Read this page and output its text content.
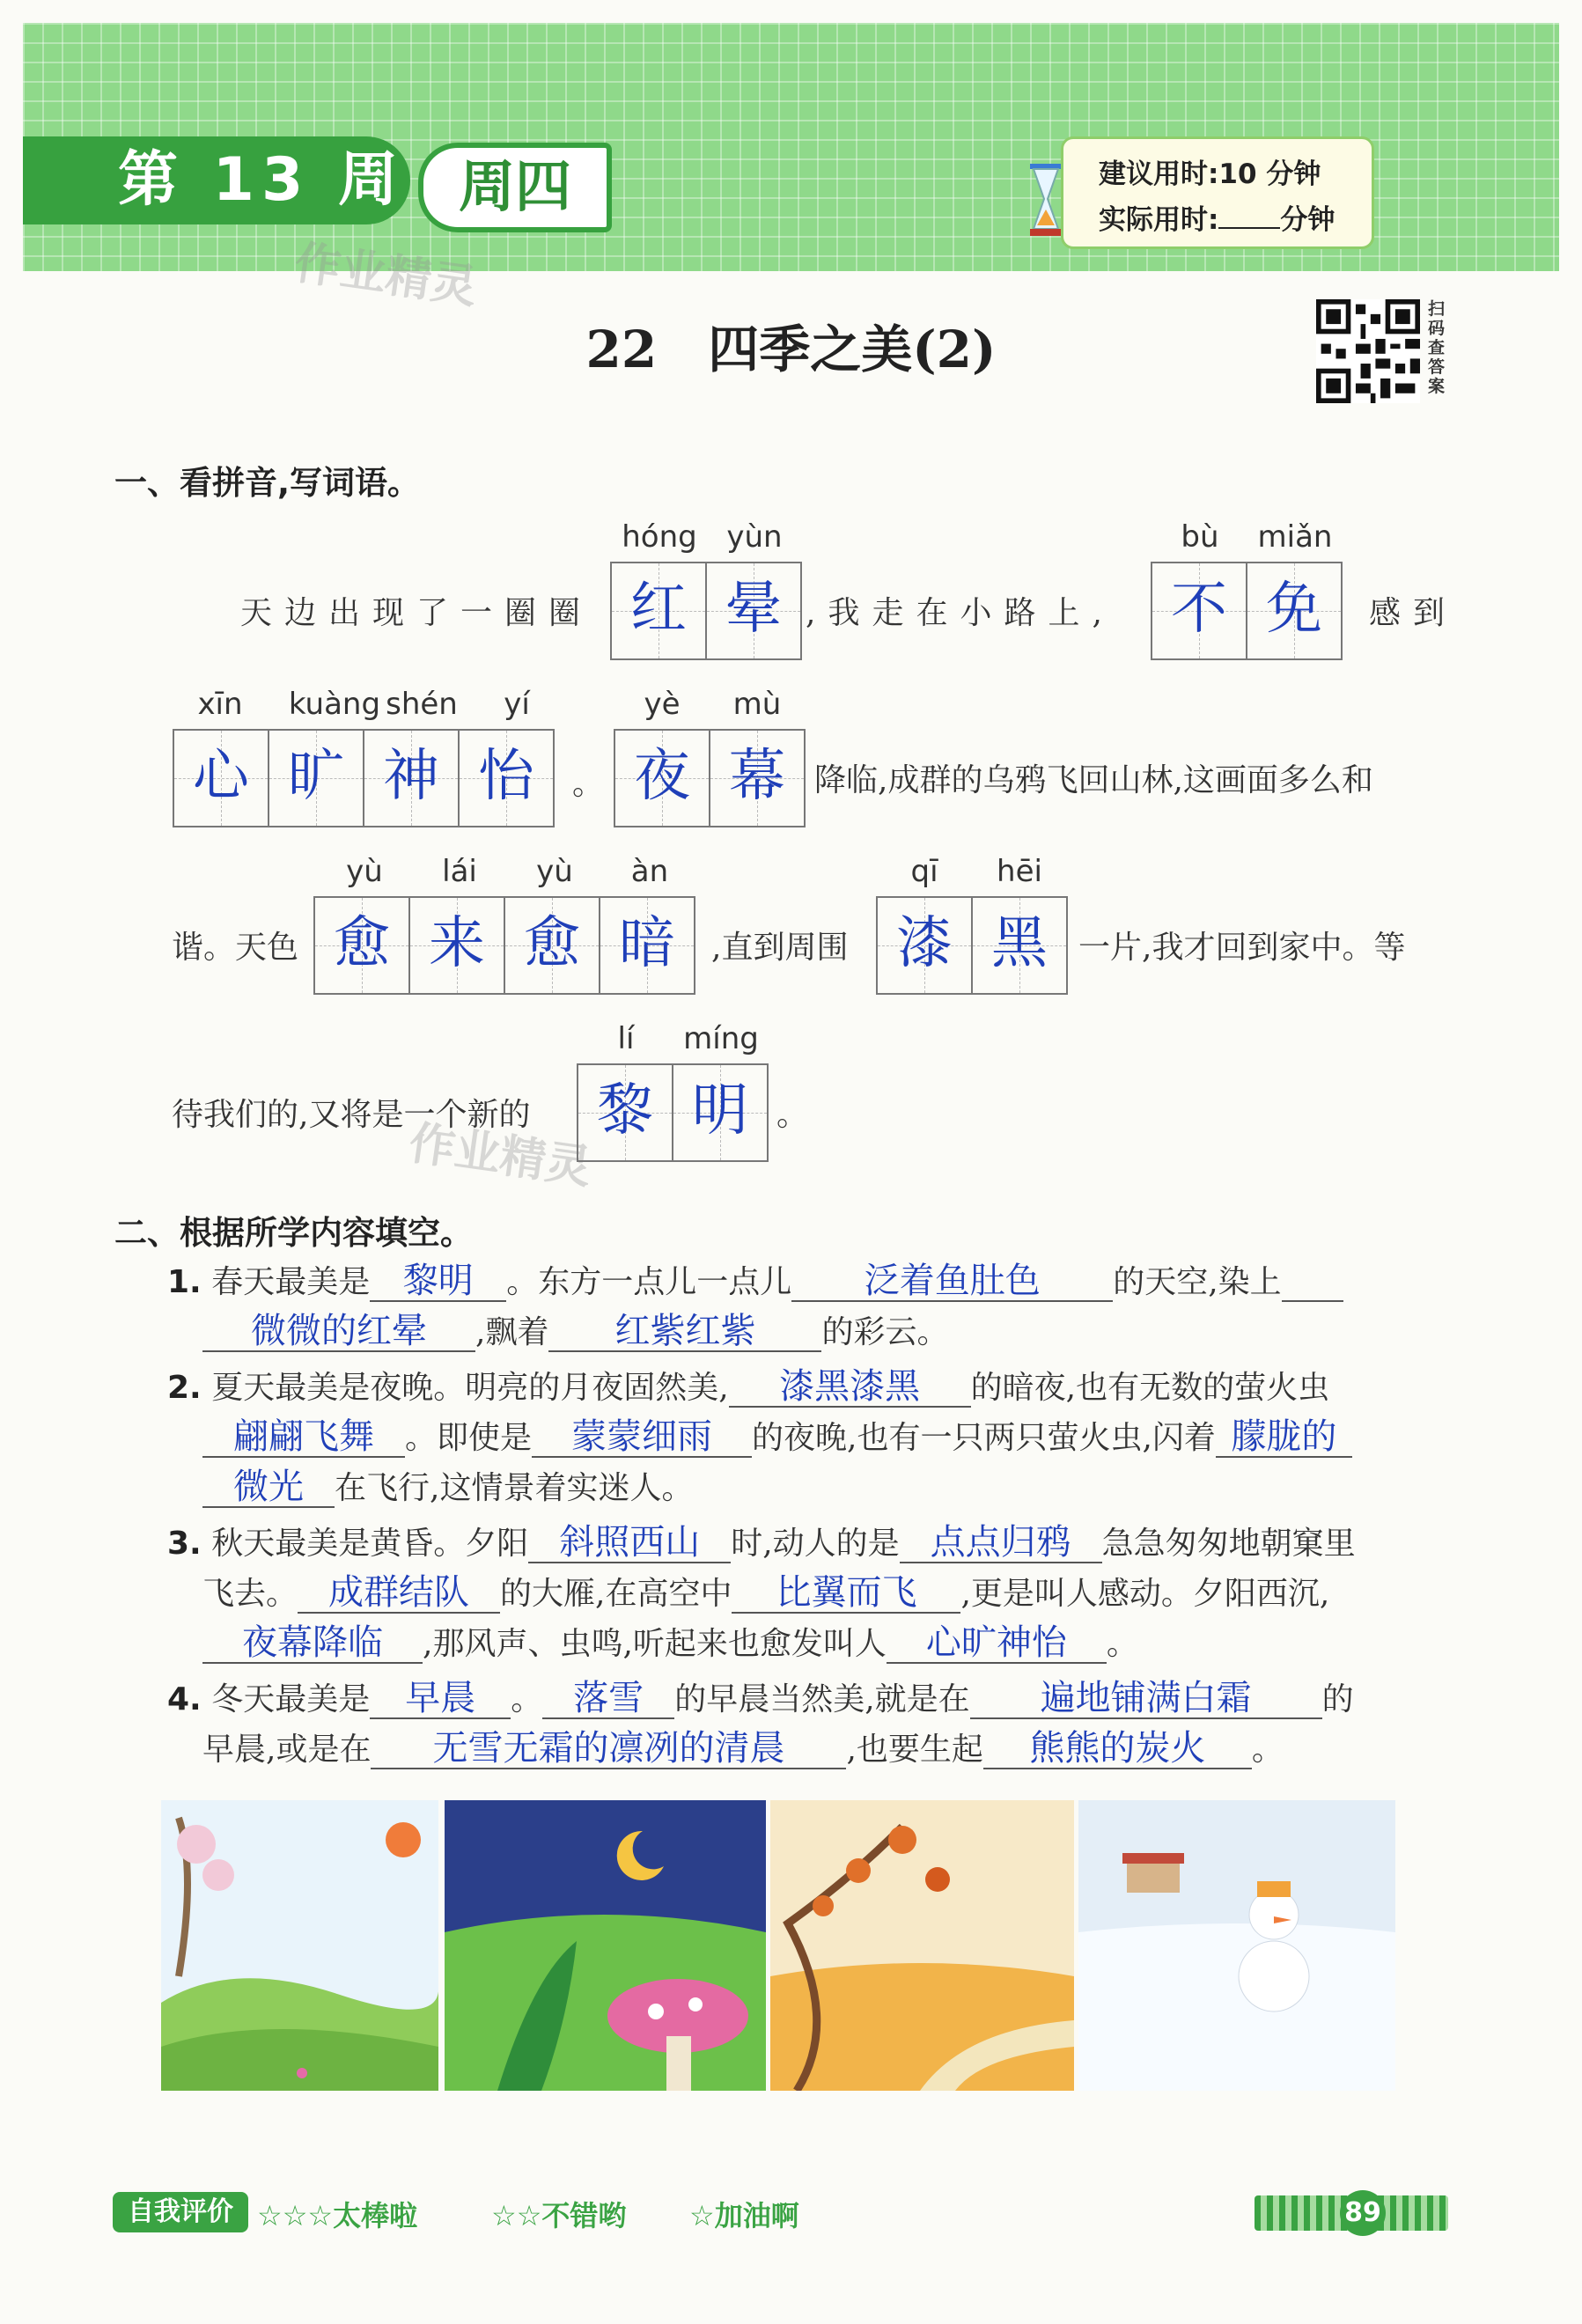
第 13 周 周四	建议用时:10 分钟
实际用时: 分钟
作业精灵
作业精灵
22　四季之美(2)
扫码查答案
一、看拼音,写词语。
天边出现了一圈圈
hóng yùn
红 晕 ,我走在小路上,
bù	miǎn
不 免	感到
xīn	kuàng shén	yí
心 旷 神 怡	。
yè	mù
夜 幕 降临,成群的乌鸦飞回山林,这画面多么和
谐。天色
yù	lái	yù	àn
愈 来 愈 暗	,直到周围
qī	hēi
漆 黑 一片,我才回到家中。等
待我们的,又将是一个新的
lí	míng
黎 明 。
二、根据所学内容填空。
1. 春天最美是 黎明 。东方一点儿一点儿 泛着鱼肚色 的天空,染上
微微的红晕 ,飘着 红紫红紫 的彩云。
2. 夏天最美是夜晚。明亮的月夜固然美, 漆黑漆黑 的暗夜,也有无数的萤火虫
翩翩飞舞 。即使是 蒙蒙细雨 的夜晚,也有一只两只萤火虫,闪着 朦胧的
微光 在飞行,这情景着实迷人。
3. 秋天最美是黄昏。夕阳 斜照西山 时,动人的是 点点归鸦 急急匆匆地朝窠里
飞去。 成群结队 的大雁,在高空中 比翼而飞 ,更是叫人感动。夕阳西沉,
夜幕降临 ,那风声、虫鸣,听起来也愈发叫人 心旷神怡 。
4. 冬天最美是 早晨 。 落雪 的早晨当然美,就是在 遍地铺满白霜 的
早晨,或是在 无雪无霜的凛冽的清晨 ,也要生起 熊熊的炭火 。
自我评价 ☆☆☆太棒啦	☆☆不错哟 ☆加油啊	89
